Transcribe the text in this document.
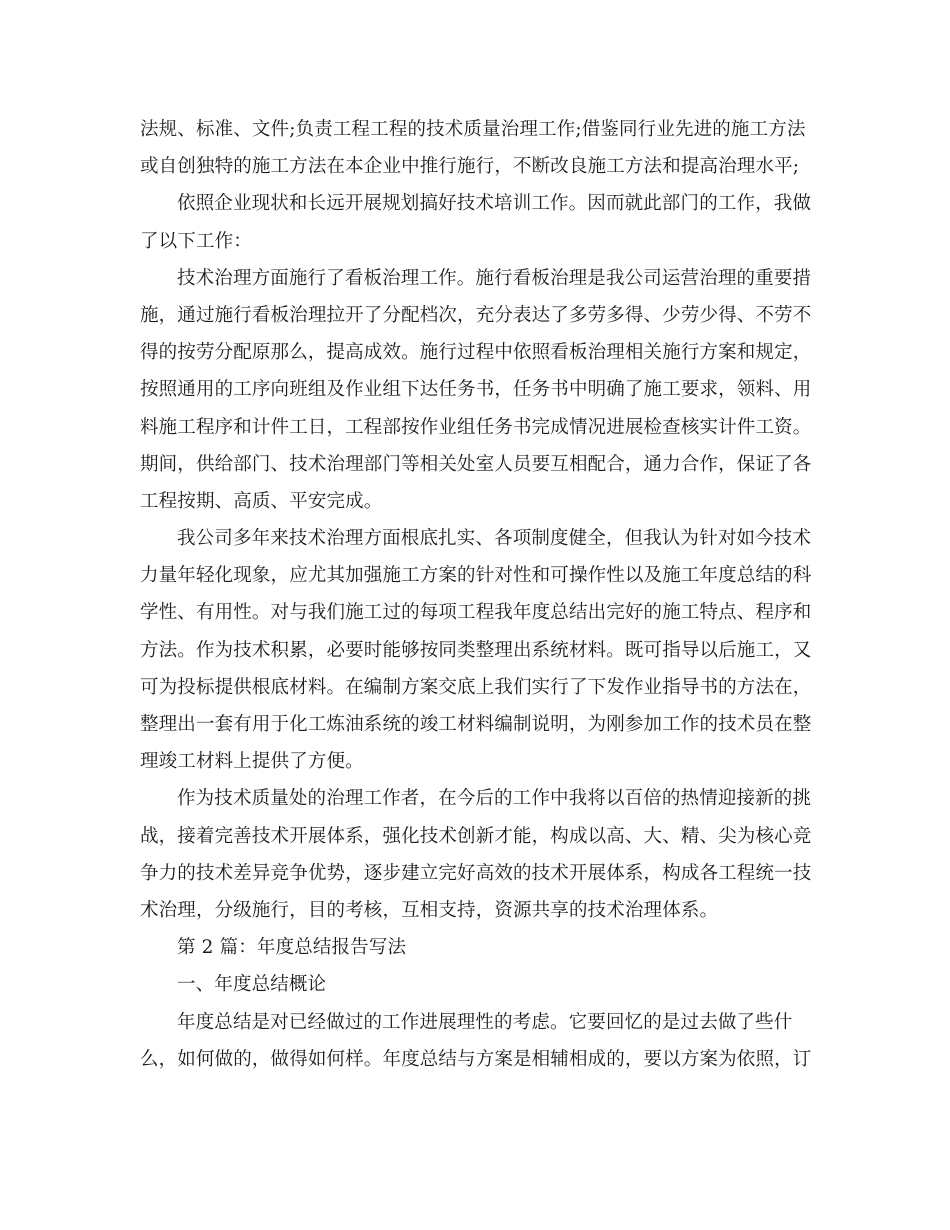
法规、标准、文件;负责工程工程的技术质量治理工作;借鉴同行业先进的施工方法
或自创独特的施工方法在本企业中推行施行，不断改良施工方法和提高治理水平;
依照企业现状和长远开展规划搞好技术培训工作。因而就此部门的工作，我做
了以下工作：
技术治理方面施行了看板治理工作。施行看板治理是我公司运营治理的重要措
施，通过施行看板治理拉开了分配档次，充分表达了多劳多得、少劳少得、不劳不
得的按劳分配原那么，提高成效。施行过程中依照看板治理相关施行方案和规定，
按照通用的工序向班组及作业组下达任务书，任务书中明确了施工要求，领料、用
料施工程序和计件工日，工程部按作业组任务书完成情况进展检查核实计件工资。
期间，供给部门、技术治理部门等相关处室人员要互相配合，通力合作，保证了各
工程按期、高质、平安完成。
我公司多年来技术治理方面根底扎实、各项制度健全，但我认为针对如今技术
力量年轻化现象，应尤其加强施工方案的针对性和可操作性以及施工年度总结的科
学性、有用性。对与我们施工过的每项工程我年度总结出完好的施工特点、程序和
方法。作为技术积累，必要时能够按同类整理出系统材料。既可指导以后施工，又
可为投标提供根底材料。在编制方案交底上我们实行了下发作业指导书的方法在，
整理出一套有用于化工炼油系统的竣工材料编制说明，为刚参加工作的技术员在整
理竣工材料上提供了方便。
作为技术质量处的治理工作者，在今后的工作中我将以百倍的热情迎接新的挑
战，接着完善技术开展体系，强化技术创新才能，构成以高、大、精、尖为核心竞
争力的技术差异竞争优势，逐步建立完好高效的技术开展体系，构成各工程统一技
术治理，分级施行，目的考核，互相支持，资源共享的技术治理体系。
第 2 篇：年度总结报告写法
一、年度总结概论
年度总结是对已经做过的工作进展理性的考虑。它要回忆的是过去做了些什
么，如何做的，做得如何样。年度总结与方案是相辅相成的，要以方案为依照，订
